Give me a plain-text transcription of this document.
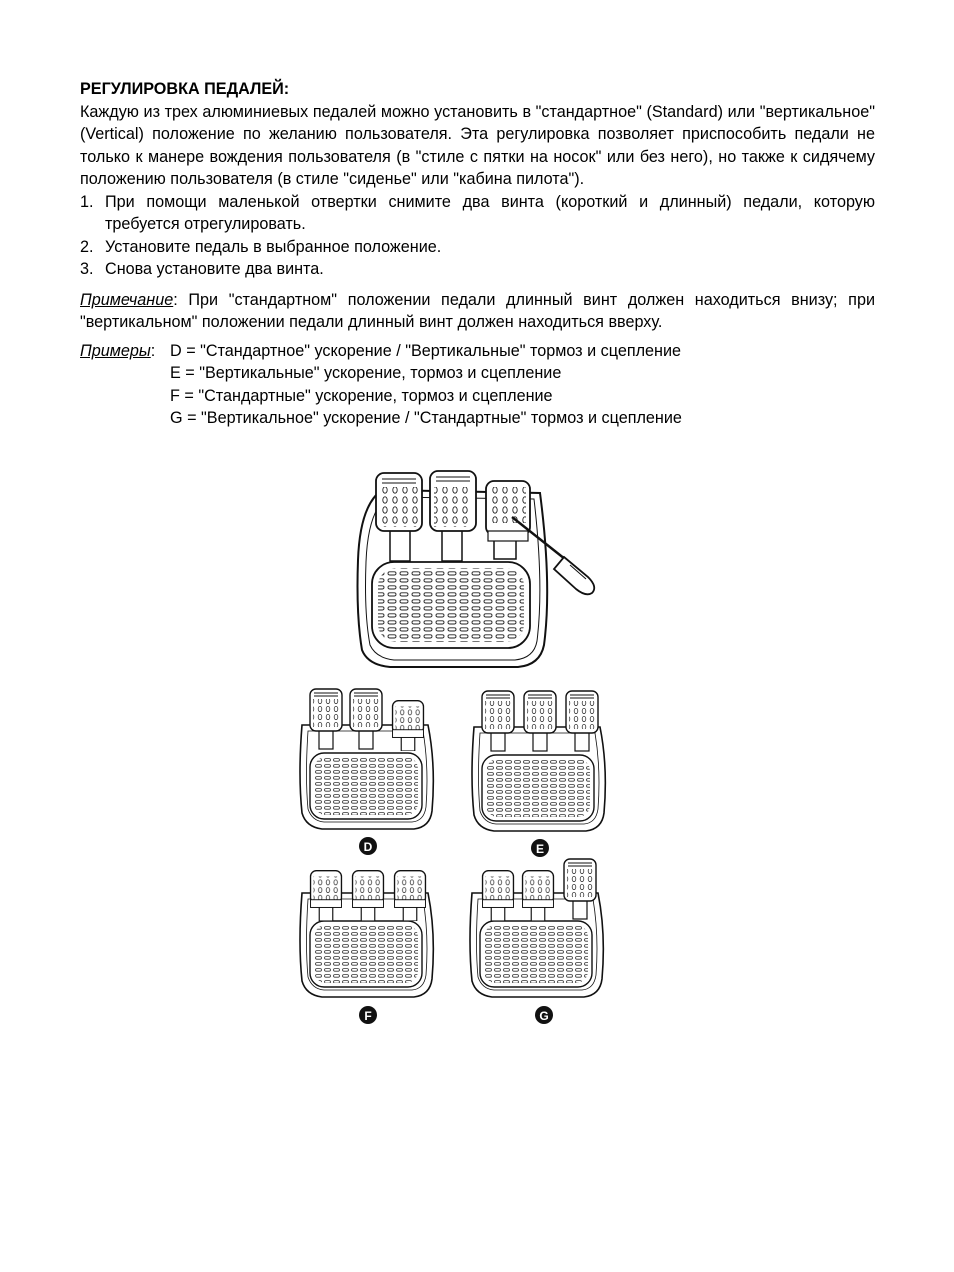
РЕГУЛИРОВКА ПЕДАЛЕЙ:

Каждую из трех алюминиевых педалей можно установить в "стандартное" (Standard) или "вертикальное" (Vertical) положение по желанию пользователя. Эта регулировка позволяет приспособить педали не только к манере вождения пользователя (в "стиле с пятки на носок" или без него), но также к сидячему положению пользователя (в стиле "сиденье" или "кабина пилота").

1. При помощи маленькой отвертки снимите два винта (короткий и длинный) педали, которую требуется отрегулировать.
2. Установите педаль в выбранное положение.
3. Снова установите два винта.

Примечание: При "стандартном" положении педали длинный винт должен находиться внизу; при "вертикальном" положении педали длинный винт должен находиться вверху.

Примеры: D = "Стандартное" ускорение / "Вертикальные" тормоз и сцепление
E = "Вертикальные" ускорение, тормоз и сцепление
F = "Стандартные" ускорение, тормоз и сцепление
G = "Вертикальное" ускорение / "Стандартные" тормоз и сцепление
D	E
F	G
